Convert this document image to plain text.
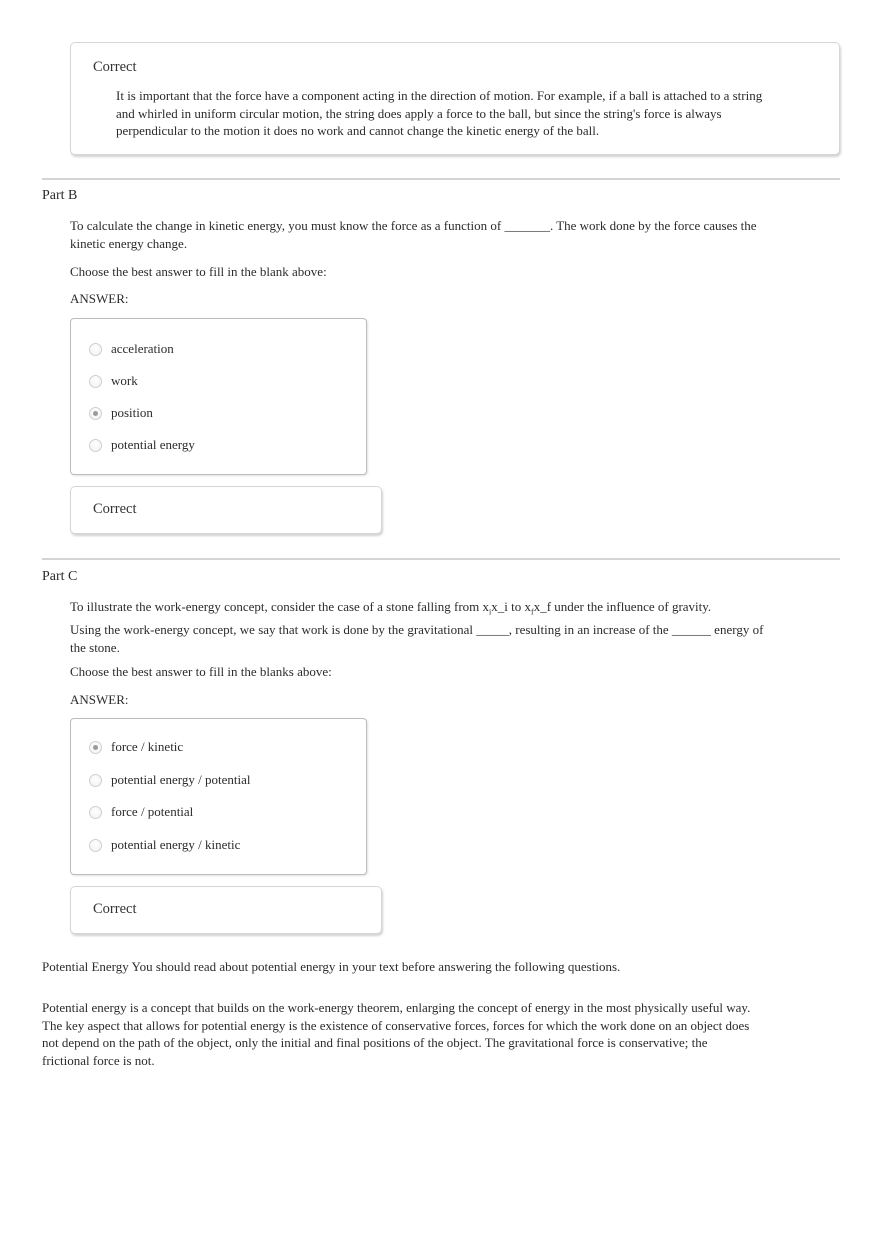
Correct
It is important that the force have a component acting in the direction of motion. For example, if a ball is attached to a string and whirled in uniform circular motion, the string does apply a force to the ball, but since the string's force is always perpendicular to the motion it does no work and cannot change the kinetic energy of the ball.
Part B
To calculate the change in kinetic energy, you must know the force as a function of _______. The work done by the force causes the kinetic energy change.
Choose the best answer to fill in the blank above:
ANSWER:
acceleration
work
position
potential energy
Correct
Part C
To illustrate the work-energy concept, consider the case of a stone falling from $x_ix\_i$ to $x_fx\_f$ under the influence of gravity.
Using the work-energy concept, we say that work is done by the gravitational _____, resulting in an increase of the ______ energy of the stone.
Choose the best answer to fill in the blanks above:
ANSWER:
force / kinetic
potential energy / potential
force / potential
potential energy / kinetic
Correct
Potential Energy You should read about potential energy in your text before answering the following questions.
Potential energy is a concept that builds on the work-energy theorem, enlarging the concept of energy in the most physically useful way. The key aspect that allows for potential energy is the existence of conservative forces, forces for which the work done on an object does not depend on the path of the object, only the initial and final positions of the object. The gravitational force is conservative; the frictional force is not.
